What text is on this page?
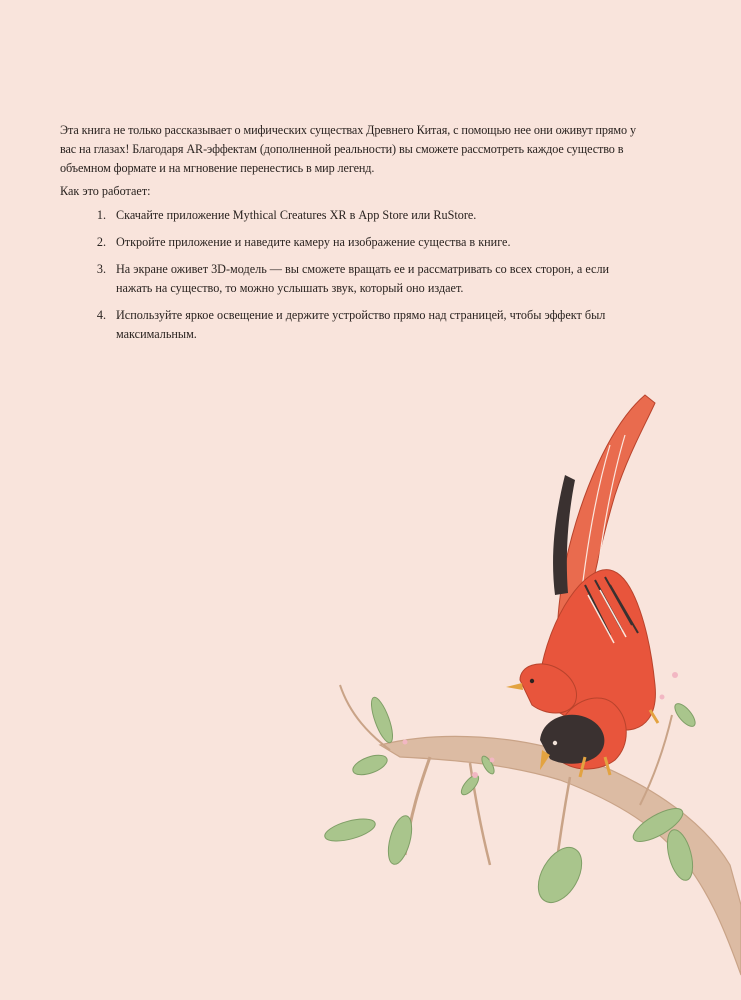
Эта книга не только рассказывает о мифических существах Древнего Китая, с помощью нее они оживут прямо у вас на глазах! Благодаря AR-эффектам (дополненной реальности) вы сможете рассмотреть каждое существо в объемном формате и на мгновение перенестись в мир легенд.

Как это работает:

1. Скачайте приложение Mythical Creatures XR в App Store или RuStore.
2. Откройте приложение и наведите камеру на изображение существа в книге.
3. На экране оживет 3D-модель — вы сможете вращать ее и рассматривать со всех сторон, а если нажать на существо, то можно услышать звук, который оно издает.
4. Используйте яркое освещение и держите устройство прямо над страницей, чтобы эффект был максимальным.
